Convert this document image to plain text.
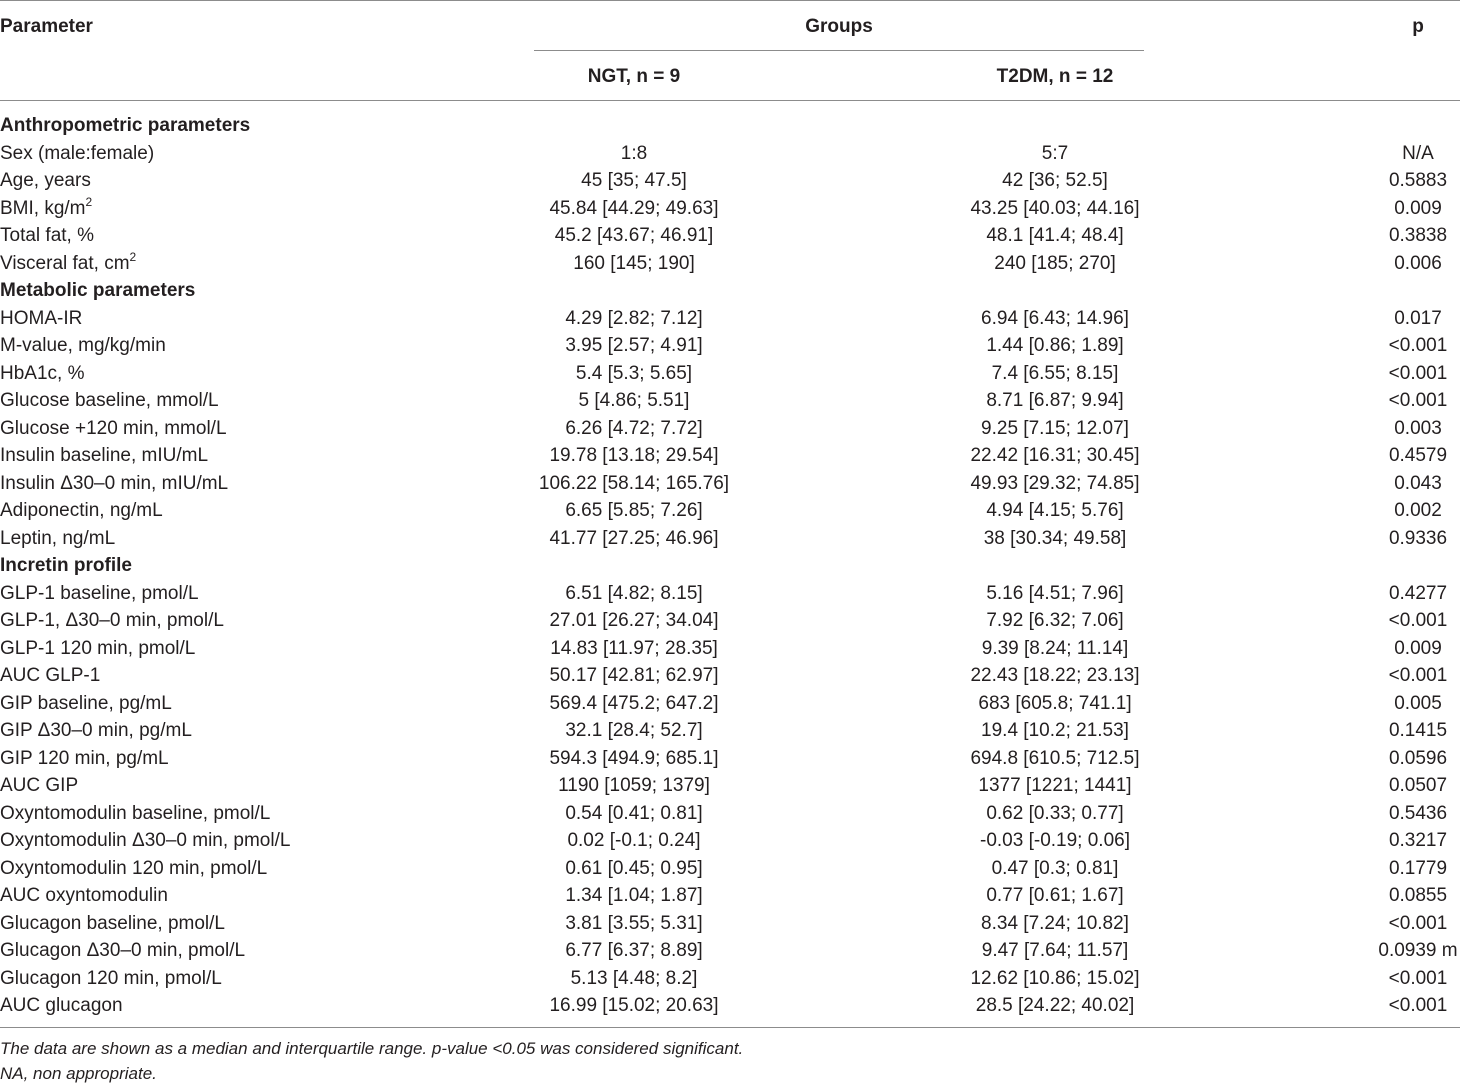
Parameter	Groups	p
NGT, n = 9	T2DM, n = 12
Anthropometric parameters
Sex (male:female)	1:8	5:7	N/A
Age, years	45 [35; 47.5]	42 [36; 52.5]	0.5883
BMI, $kg/m^2$	45.84 [44.29; 49.63]	43.25 [40.03; 44.16]	0.009
Total fat, %	45.2 [43.67; 46.91]	48.1 [41.4; 48.4]	0.3838
Visceral fat, $cm^2$	160 [145; 190]	240 [185; 270]	0.006
Metabolic parameters
HOMA-IR	4.29 [2.82; 7.12]	6.94 [6.43; 14.96]	0.017
M-value, mg/kg/min	3.95 [2.57; 4.91]	1.44 [0.86; 1.89]	<0.001
HbA1c, %	5.4 [5.3; 5.65]	7.4 [6.55; 8.15]	<0.001
Glucose baseline, mmol/L	5 [4.86; 5.51]	8.71 [6.87; 9.94]	<0.001
Glucose +120 min, mmol/L	6.26 [4.72; 7.72]	9.25 [7.15; 12.07]	0.003
Insulin baseline, mIU/mL	19.78 [13.18; 29.54]	22.42 [16.31; 30.45]	0.4579
Insulin Δ30–0 min, mIU/mL	106.22 [58.14; 165.76]	49.93 [29.32; 74.85]	0.043
Adiponectin, ng/mL	6.65 [5.85; 7.26]	4.94 [4.15; 5.76]	0.002
Leptin, ng/mL	41.77 [27.25; 46.96]	38 [30.34; 49.58]	0.9336
Incretin profile
GLP-1 baseline, pmol/L	6.51 [4.82; 8.15]	5.16 [4.51; 7.96]	0.4277
GLP-1, Δ30–0 min, pmol/L	27.01 [26.27; 34.04]	7.92 [6.32; 7.06]	<0.001
GLP-1 120 min, pmol/L	14.83 [11.97; 28.35]	9.39 [8.24; 11.14]	0.009
AUC GLP-1	50.17 [42.81; 62.97]	22.43 [18.22; 23.13]	<0.001
GIP baseline, pg/mL	569.4 [475.2; 647.2]	683 [605.8; 741.1]	0.005
GIP Δ30–0 min, pg/mL	32.1 [28.4; 52.7]	19.4 [10.2; 21.53]	0.1415
GIP 120 min, pg/mL	594.3 [494.9; 685.1]	694.8 [610.5; 712.5]	0.0596
AUC GIP	1190 [1059; 1379]	1377 [1221; 1441]	0.0507
Oxyntomodulin baseline, pmol/L	0.54 [0.41; 0.81]	0.62 [0.33; 0.77]	0.5436
Oxyntomodulin Δ30–0 min, pmol/L	0.02 [-0.1; 0.24]	-0.03 [-0.19; 0.06]	0.3217
Oxyntomodulin 120 min, pmol/L	0.61 [0.45; 0.95]	0.47 [0.3; 0.81]	0.1779
AUC oxyntomodulin	1.34 [1.04; 1.87]	0.77 [0.61; 1.67]	0.0855
Glucagon baseline, pmol/L	3.81 [3.55; 5.31]	8.34 [7.24; 10.82]	<0.001
Glucagon Δ30–0 min, pmol/L	6.77 [6.37; 8.89]	9.47 [7.64; 11.57]	0.0939 m
Glucagon 120 min, pmol/L	5.13 [4.48; 8.2]	12.62 [10.86; 15.02]	<0.001
AUC glucagon	16.99 [15.02; 20.63]	28.5 [24.22; 40.02]	<0.001
The data are shown as a median and interquartile range. p-value <0.05 was considered significant.
NA, non appropriate.
